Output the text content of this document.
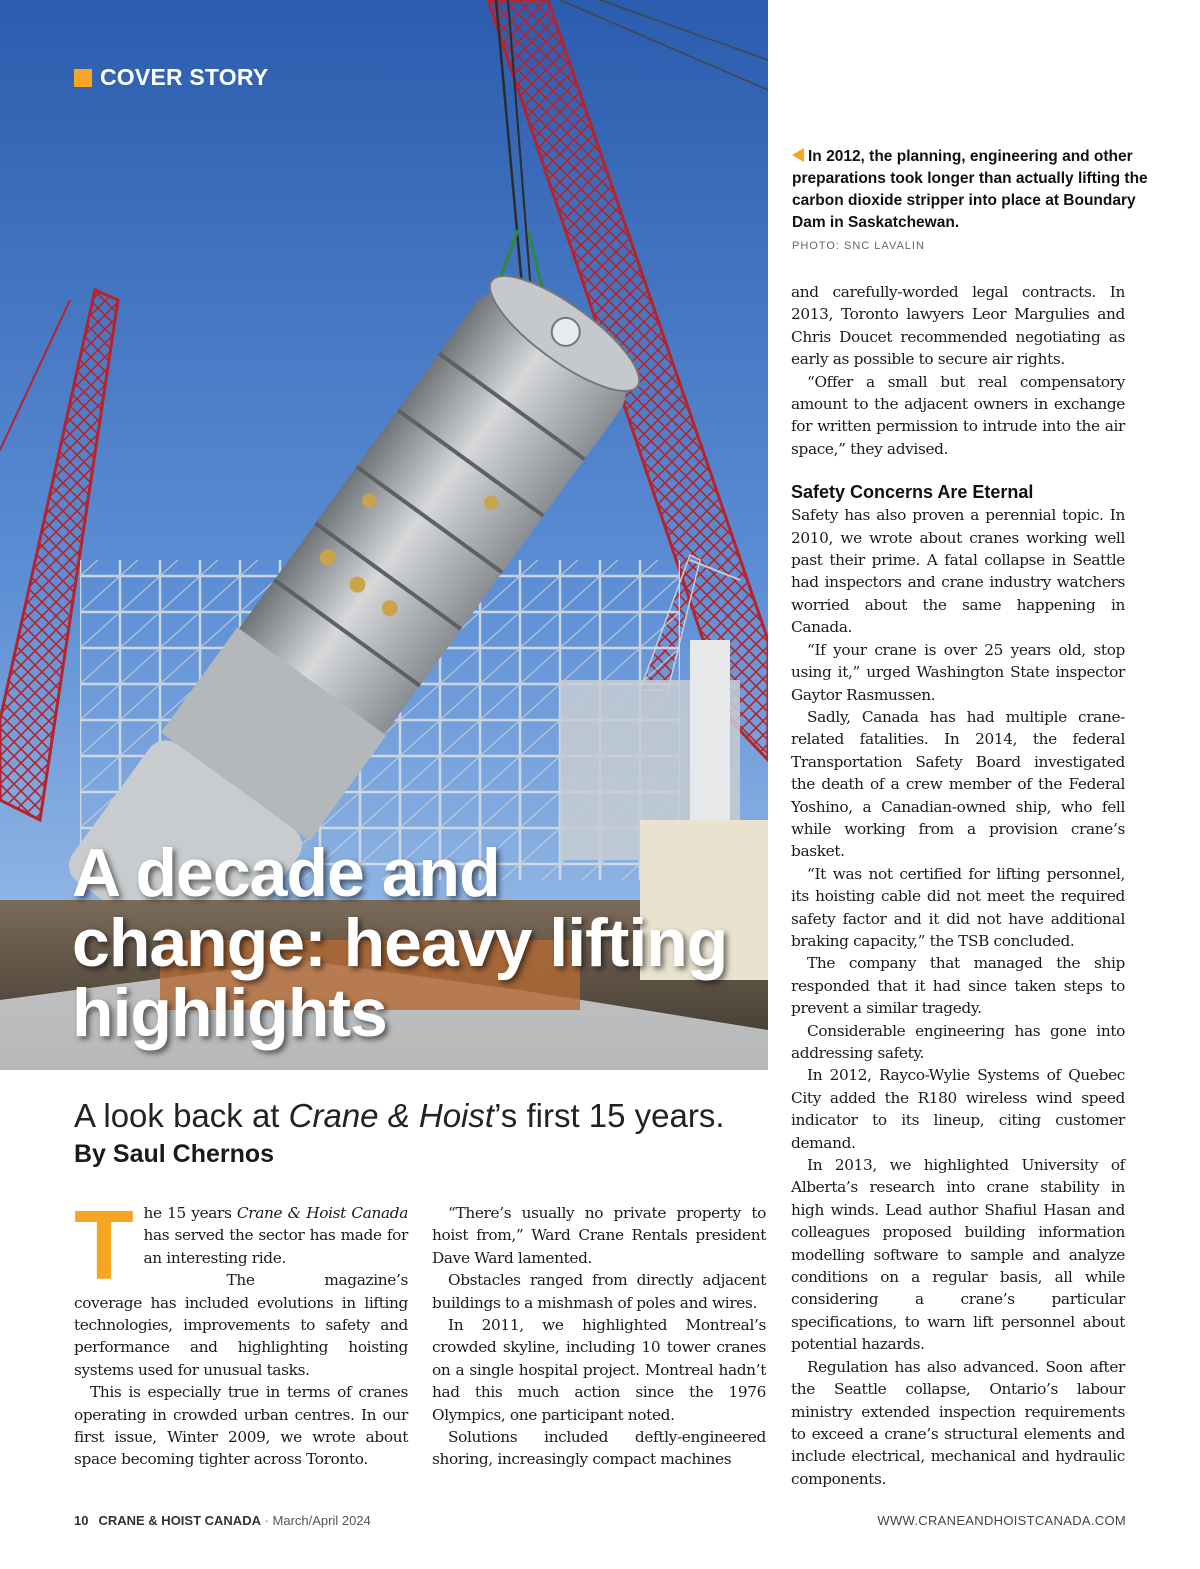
COVER STORY
A decade and change: heavy lifting highlights
In 2012, the planning, engineering and other preparations took longer than actually lifting the carbon dioxide stripper into place at Boundary Dam in Saskatchewan.
PHOTO: SNC LAVALIN
A look back at Crane & Hoist’s first 15 years.
By Saul Chernos

The 15 years Crane & Hoist Canada has served the sector has made for an interesting ride.

The magazine’s coverage has included evolutions in lifting technologies, improvements to safety and performance and highlighting hoisting systems used for unusual tasks.

This is especially true in terms of cranes operating in crowded urban centres. In our first issue, Winter 2009, we wrote about space becoming tighter across Toronto.

“There’s usually no private property to hoist from,” Ward Crane Rentals president Dave Ward lamented.

Obstacles ranged from directly adjacent buildings to a mishmash of poles and wires.

In 2011, we highlighted Montreal’s crowded skyline, including 10 tower cranes on a single hospital project. Montreal hadn’t had this much action since the 1976 Olympics, one participant noted.

Solutions included deftly-engineered shoring, increasingly compact machines

and carefully-worded legal contracts. In 2013, Toronto lawyers Leor Margulies and Chris Doucet recommended negotiating as early as possible to secure air rights.

“Offer a small but real compensatory amount to the adjacent owners in exchange for written permission to intrude into the air space,” they advised.

Safety Concerns Are Eternal

Safety has also proven a perennial topic. In 2010, we wrote about cranes working well past their prime. A fatal collapse in Seattle had inspectors and crane industry watchers worried about the same happening in Canada.

“If your crane is over 25 years old, stop using it,” urged Washington State inspector Gaytor Rasmussen.

Sadly, Canada has had multiple crane-related fatalities. In 2014, the federal Transportation Safety Board investigated the death of a crew member of the Federal Yoshino, a Canadian-owned ship, who fell while working from a provision crane’s basket.

“It was not certified for lifting personnel, its hoisting cable did not meet the required safety factor and it did not have additional braking capacity,” the TSB concluded.

The company that managed the ship responded that it had since taken steps to prevent a similar tragedy.

Considerable engineering has gone into addressing safety.

In 2012, Rayco-Wylie Systems of Quebec City added the R180 wireless wind speed indicator to its lineup, citing customer demand.

In 2013, we highlighted University of Alberta’s research into crane stability in high winds. Lead author Shafiul Hasan and colleagues proposed building information modelling software to sample and analyze conditions on a regular basis, all while considering a crane’s particular specifications, to warn lift personnel about potential hazards.

Regulation has also advanced. Soon after the Seattle collapse, Ontario’s labour ministry extended inspection requirements to exceed a crane’s structural elements and include electrical, mechanical and hydraulic components.

10 CRANE & HOIST CANADA · March/April 2024	WWW.CRANEANDHOISTCANADA.COM
